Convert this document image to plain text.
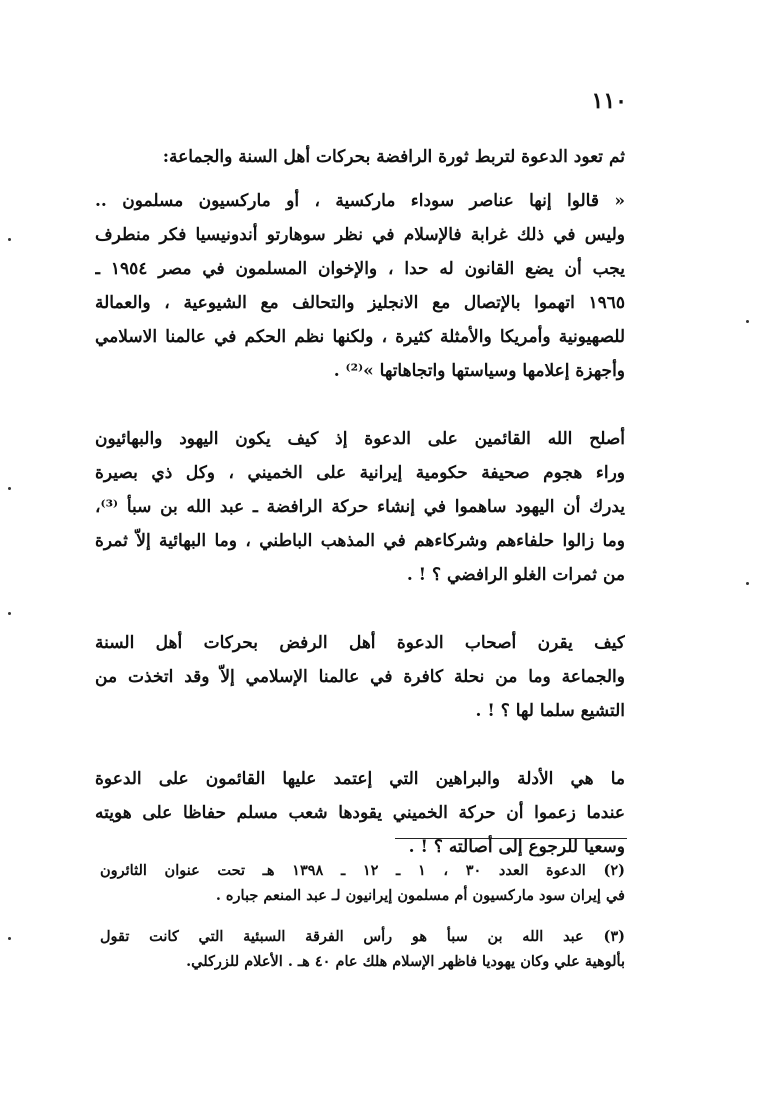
١١٠
ثم تعود الدعوة لتربط ثورة الرافضة بحركات أهل السنة والجماعة:
« قالوا إنها عناصر سوداء ماركسية ، أو ماركسيون مسلمون ..
وليس في ذلك غرابة فالإسلام في نظر سوهارتو أندونيسيا فكر منطرف
يجب أن يضع القانون له حدا ، والإخوان المسلمون في مصر ١٩٥٤ ـ
١٩٦٥ اتهموا بالإتصال مع الانجليز والتحالف مع الشيوعية ، والعمالة
للصهيونية وأمريكا والأمثلة كثيرة ، ولكنها نظم الحكم في عالمنا الاسلامي
وأجهزة إعلامها وسياستها واتجاهاتها »⁽²⁾ .
أصلح الله القائمين على الدعوة إذ كيف يكون اليهود والبهائيون
وراء هجوم صحيفة حكومية إيرانية على الخميني ، وكل ذي بصيرة
يدرك أن اليهود ساهموا في إنشاء حركة الرافضة ـ عبد الله بن سبأ ⁽³⁾،
وما زالوا حلفاءهم وشركاءهم في المذهب الباطني ، وما البهائية إلاّ ثمرة
من ثمرات الغلو الرافضي ؟ ! .
كيف يقرن أصحاب الدعوة أهل الرفض بحركات أهل السنة
والجماعة وما من نحلة كافرة في عالمنا الإسلامي إلاّ وقد اتخذت من
التشيع سلما لها ؟ ! .
ما هي الأدلة والبراهين التي إعتمد عليها القائمون على الدعوة
عندما زعموا أن حركة الخميني يقودها شعب مسلم حفاظا على هويته
وسعيا للرجوع إلى أصالته ؟ ! .
(٢) الدعوة العدد ٣٠ ، ١ ـ ١٢ ـ ١٣٩٨ هـ تحت عنوان الثائرون
في إيران سود ماركسيون أم مسلمون إيرانيون لـ عبد المنعم جباره .
(٣) عبد الله بن سبأ هو رأس الفرقة السبئية التي كانت تقول
بألوهية علي وكان يهوديا فاظهر الإسلام هلك عام ٤٠ هـ . الأعلام للزركلي.
